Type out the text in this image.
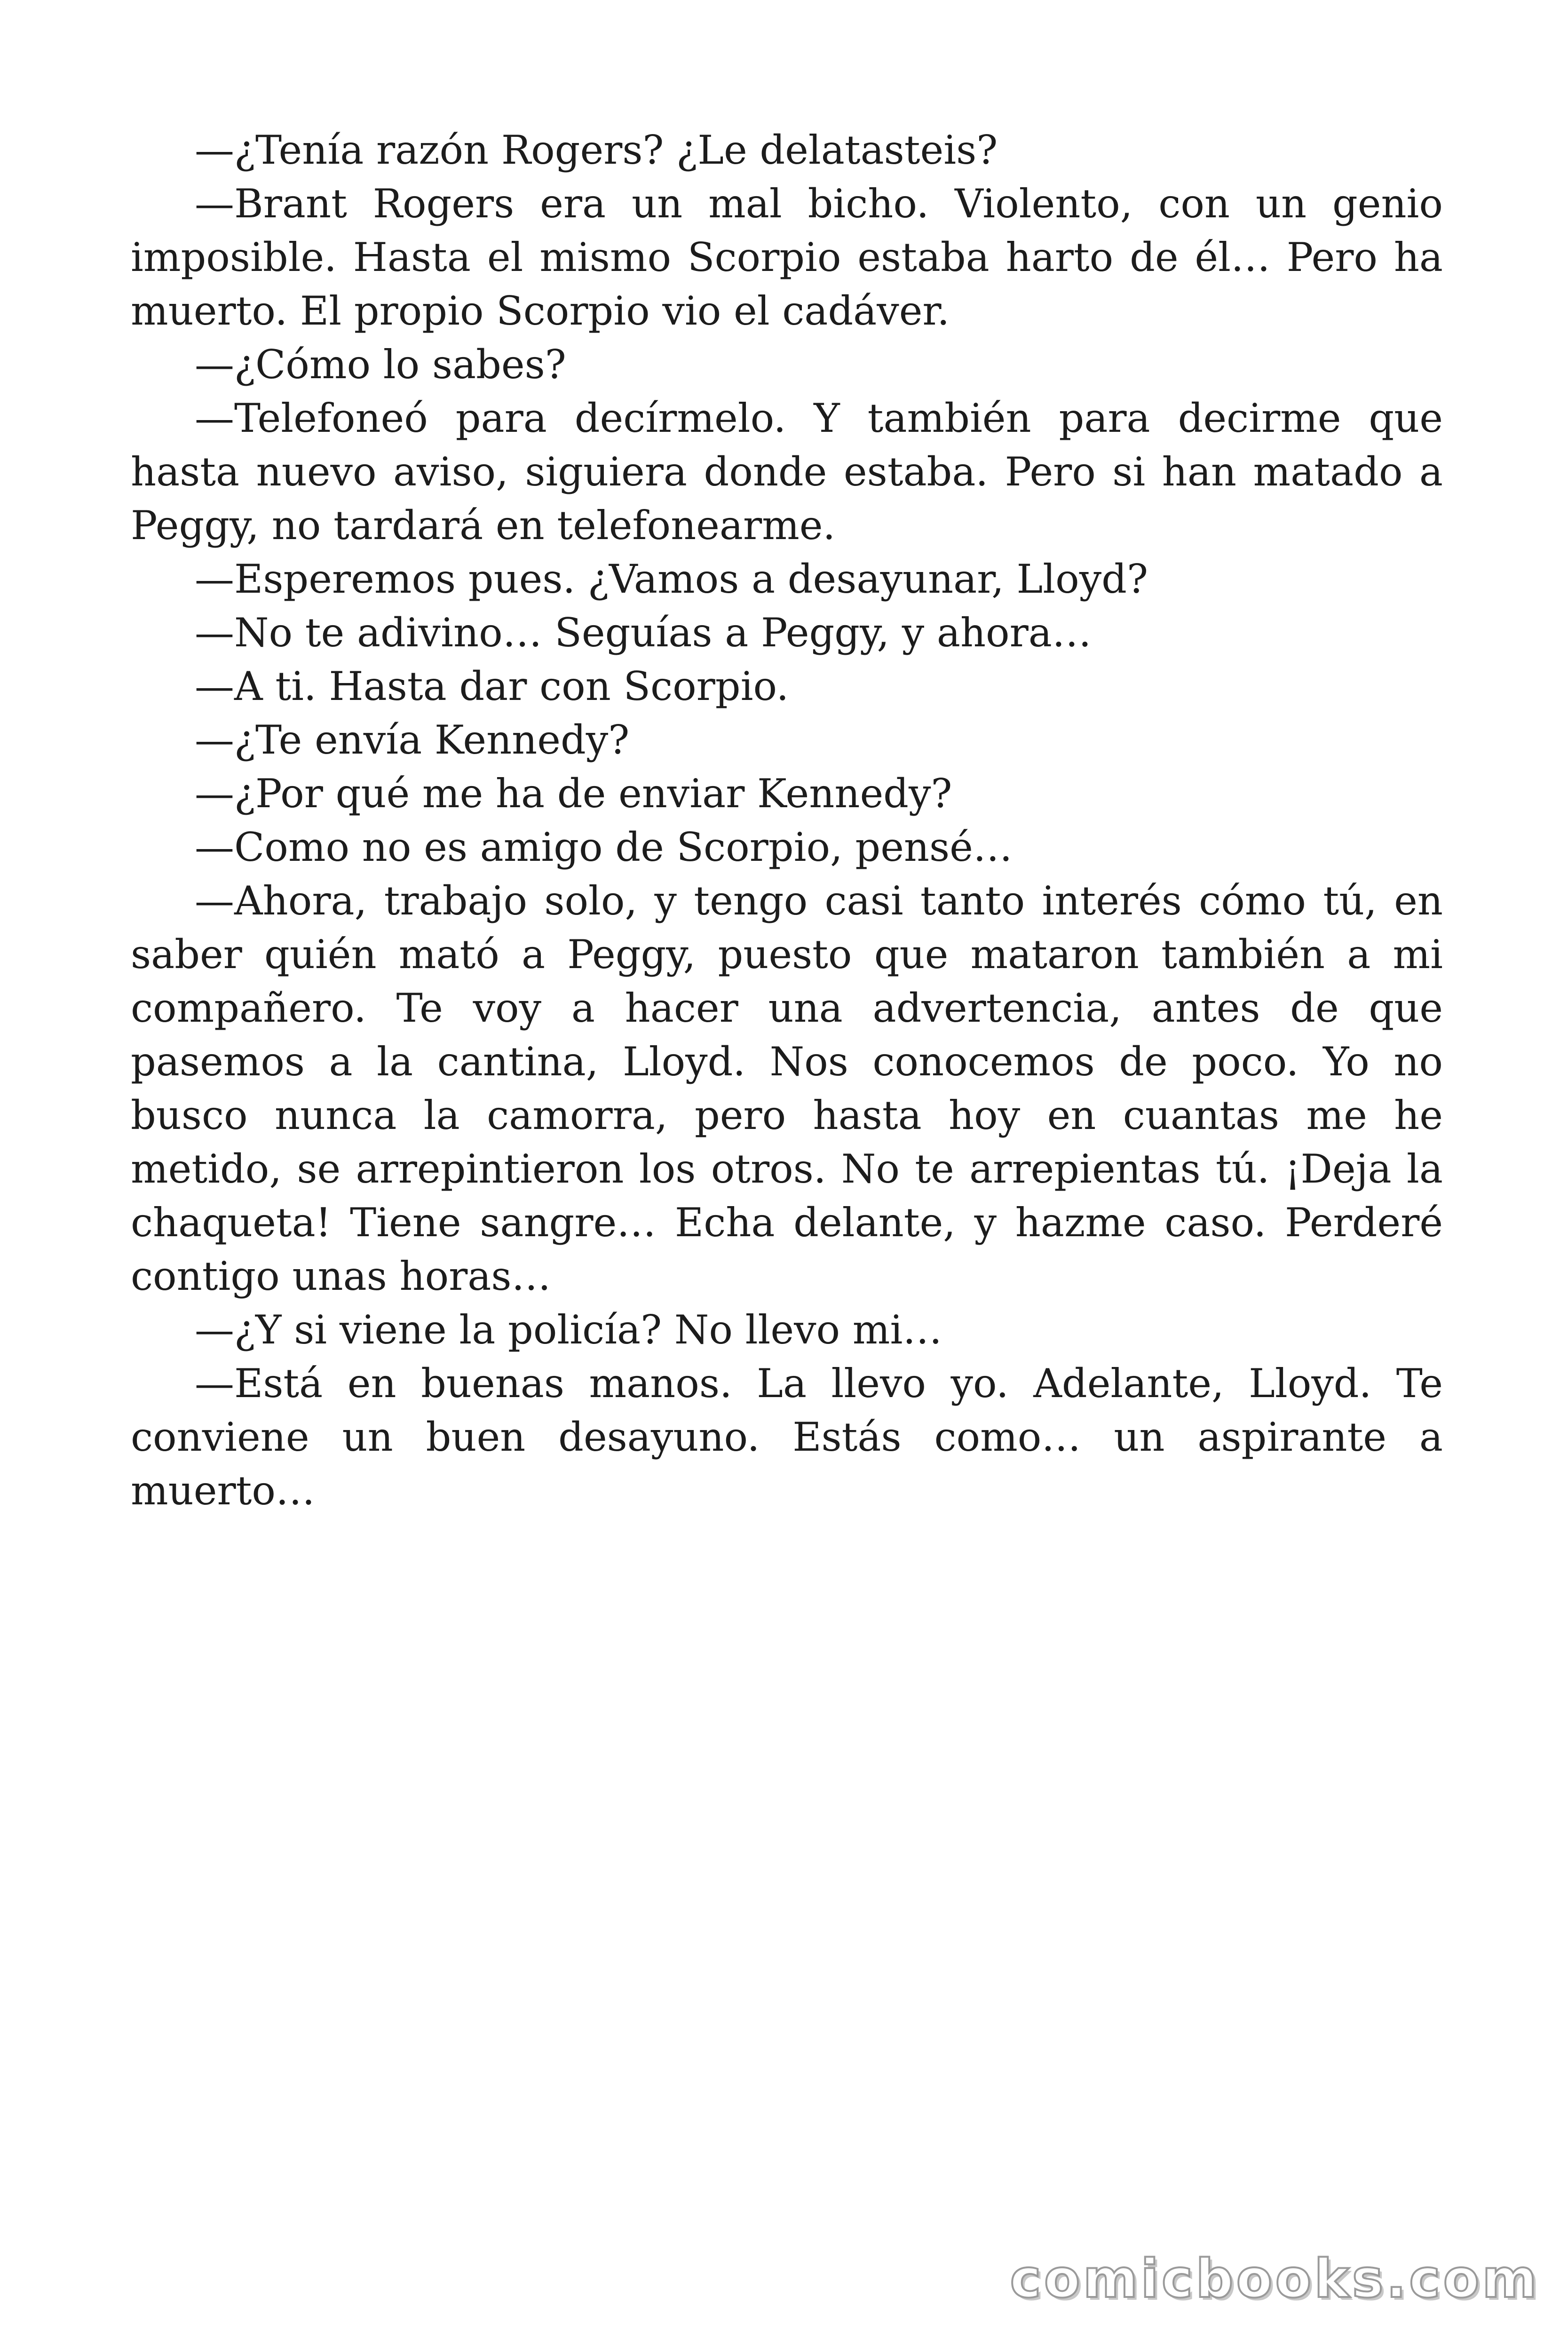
—¿Tenía razón Rogers? ¿Le delatasteis?

—Brant Rogers era un mal bicho. Violento, con un genio imposible. Hasta el mismo Scorpio estaba harto de él… Pero ha muerto. El propio Scorpio vio el cadáver.

—¿Cómo lo sabes?

—Telefoneó para decírmelo. Y también para decirme que hasta nuevo aviso, siguiera donde estaba. Pero si han matado a Peggy, no tardará en telefonearme.

—Esperemos pues. ¿Vamos a desayunar, Lloyd?

—No te adivino… Seguías a Peggy, y ahora…

—A ti. Hasta dar con Scorpio.

—¿Te envía Kennedy?

—¿Por qué me ha de enviar Kennedy?

—Como no es amigo de Scorpio, pensé…

—Ahora, trabajo solo, y tengo casi tanto interés cómo tú, en saber quién mató a Peggy, puesto que mataron también a mi compañero. Te voy a hacer una advertencia, antes de que pasemos a la cantina, Lloyd. Nos conocemos de poco. Yo no busco nunca la camorra, pero hasta hoy en cuantas me he metido, se arrepintieron los otros. No te arrepientas tú. ¡Deja la chaqueta! Tiene sangre… Echa delante, y hazme caso. Perderé contigo unas horas…

—¿Y si viene la policía? No llevo mi…

—Está en buenas manos. La llevo yo. Adelante, Lloyd. Te conviene un buen desayuno. Estás como… un aspirante a muerto…

comicbooks.com
